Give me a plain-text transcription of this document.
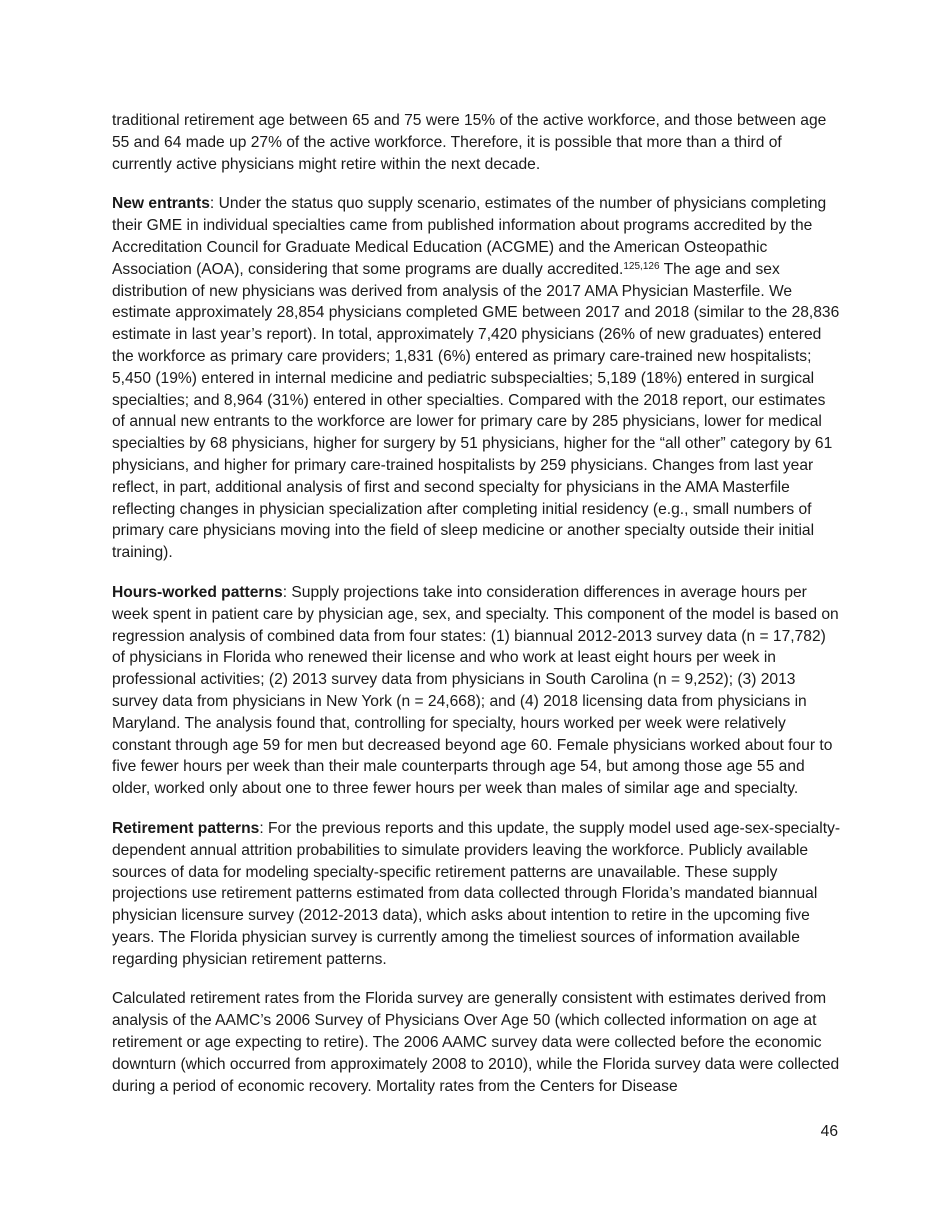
traditional retirement age between 65 and 75 were 15% of the active workforce, and those between age 55 and 64 made up 27% of the active workforce. Therefore, it is possible that more than a third of currently active physicians might retire within the next decade.

New entrants: Under the status quo supply scenario, estimates of the number of physicians completing their GME in individual specialties came from published information about programs accredited by the Accreditation Council for Graduate Medical Education (ACGME) and the American Osteopathic Association (AOA), considering that some programs are dually accredited.$^{125,126}$ The age and sex distribution of new physicians was derived from analysis of the 2017 AMA Physician Masterfile. We estimate approximately 28,854 physicians completed GME between 2017 and 2018 (similar to the 28,836 estimate in last year’s report). In total, approximately 7,420 physicians (26% of new graduates) entered the workforce as primary care providers; 1,831 (6%) entered as primary care-trained new hospitalists; 5,450 (19%) entered in internal medicine and pediatric subspecialties; 5,189 (18%) entered in surgical specialties; and 8,964 (31%) entered in other specialties. Compared with the 2018 report, our estimates of annual new entrants to the workforce are lower for primary care by 285 physicians, lower for medical specialties by 68 physicians, higher for surgery by 51 physicians, higher for the “all other” category by 61 physicians, and higher for primary care-trained hospitalists by 259 physicians. Changes from last year reflect, in part, additional analysis of first and second specialty for physicians in the AMA Masterfile reflecting changes in physician specialization after completing initial residency (e.g., small numbers of primary care physicians moving into the field of sleep medicine or another specialty outside their initial training).

Hours-worked patterns: Supply projections take into consideration differences in average hours per week spent in patient care by physician age, sex, and specialty. This component of the model is based on regression analysis of combined data from four states: (1) biannual 2012-2013 survey data (n = 17,782) of physicians in Florida who renewed their license and who work at least eight hours per week in professional activities; (2) 2013 survey data from physicians in South Carolina (n = 9,252); (3) 2013 survey data from physicians in New York (n = 24,668); and (4) 2018 licensing data from physicians in Maryland. The analysis found that, controlling for specialty, hours worked per week were relatively constant through age 59 for men but decreased beyond age 60. Female physicians worked about four to five fewer hours per week than their male counterparts through age 54, but among those age 55 and older, worked only about one to three fewer hours per week than males of similar age and specialty.

Retirement patterns: For the previous reports and this update, the supply model used age-sex-specialty-dependent annual attrition probabilities to simulate providers leaving the workforce. Publicly available sources of data for modeling specialty-specific retirement patterns are unavailable. These supply projections use retirement patterns estimated from data collected through Florida’s mandated biannual physician licensure survey (2012-2013 data), which asks about intention to retire in the upcoming five years. The Florida physician survey is currently among the timeliest sources of information available regarding physician retirement patterns.

Calculated retirement rates from the Florida survey are generally consistent with estimates derived from analysis of the AAMC’s 2006 Survey of Physicians Over Age 50 (which collected information on age at retirement or age expecting to retire). The 2006 AAMC survey data were collected before the economic downturn (which occurred from approximately 2008 to 2010), while the Florida survey data were collected during a period of economic recovery. Mortality rates from the Centers for Disease

46
